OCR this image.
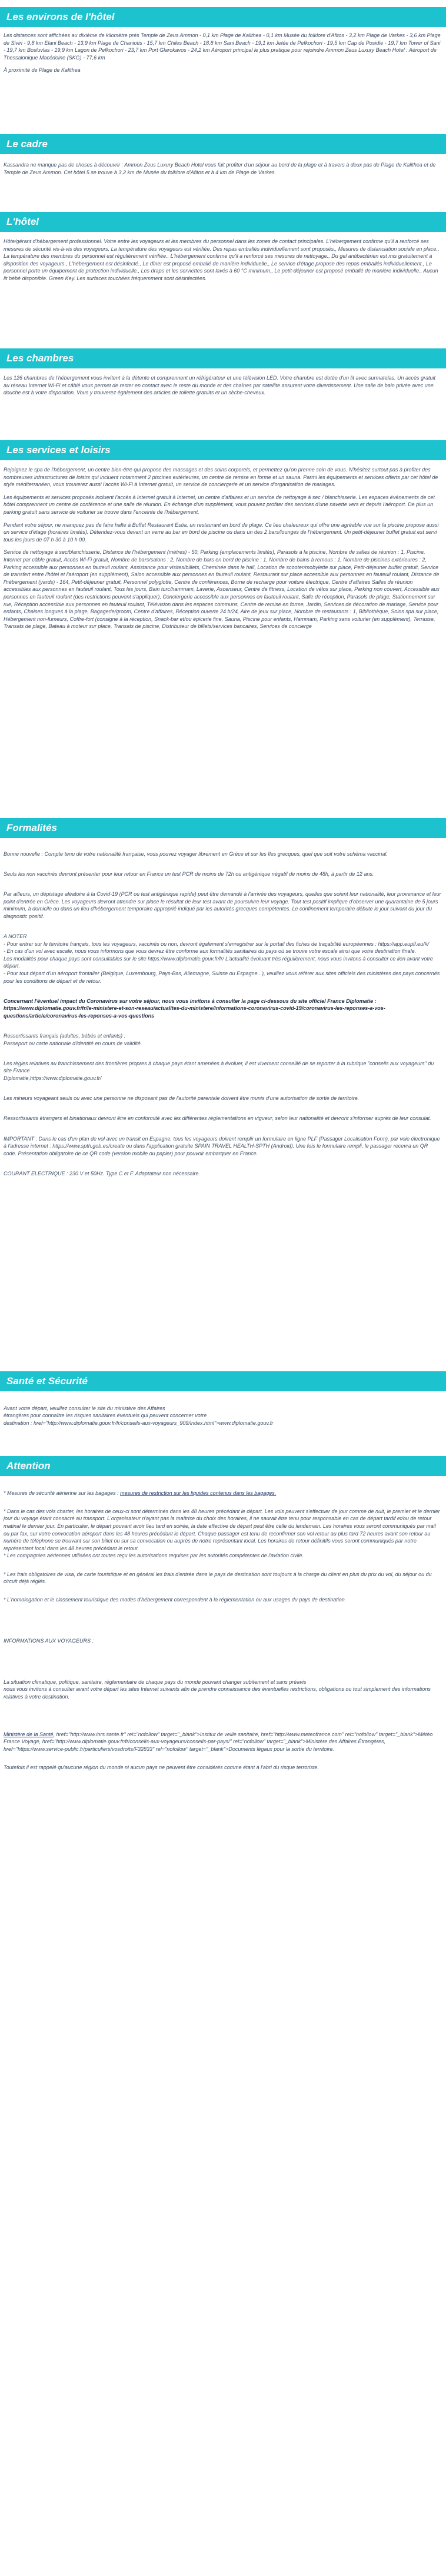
Les environs de l'hôtel

Les distances sont affichées au dixième de kilomètre près Temple de Zeus Ammon - 0,1 km Plage de Kalithea - 0,1 km Musée du folklore d'Afitos - 3,2 km Plage de Varkes - 3,6 km Plage de Siviri - 9,8 km Elani Beach - 13,9 km Plage de Chaniotis - 15,7 km Chiles Beach - 18,8 km Sani Beach - 19,1 km Jetée de Pefkochori - 19,5 km Cap de Posidie - 19,7 km Tower of Sani - 19,7 km Bosluvlas - 19,9 km Lagon de Pefkochori - 23,7 km Port Glarokavos - 24,2 km Aéroport principal le plus pratique pour rejoindre Ammon Zeus Luxury Beach Hotel : Aéroport de Thessalonique Macédoine (SKG) - 77,6 km

À proximité de Plage de Kalithea

Le cadre

Kassandra ne manque pas de choses à découvrir : Ammon Zeus Luxury Beach Hotel vous fait profiter d'un séjour au bord de la plage et à travers à deux pas de Plage de Kalithea et de Temple de Zeus Ammon. Cet hôtel 5 se trouve à 3,2 km de Musée du folklore d'Afitos et à 4 km de Plage de Varkes.

L'hôtel

Hôte/gérant d'hébergement professionnel. Votre entre les voyageurs et les membres du personnel dans les zones de contact principales. L'hébergement confirme qu'il a renforcé ses mesures de sécurité vis-à-vis des voyageurs. La température des voyageurs est vérifiée. Des repas emballés individuellement sont proposés., Mesures de distanciation sociale en place., La température des membres du personnel est régulièrement vérifiée., L'hébergement confirme qu'il a renforcé ses mesures de nettoyage., Du gel antibactérien est mis gratuitement à disposition des voyageurs., L'hébergement est désinfecté., Le dîner est proposé emballé de manière individuelle., Le service d'étage propose des repas emballés individuellement., Le personnel porte un équipement de protection individuelle., Les draps et les serviettes sont lavés à 60 °C minimum., Le petit-déjeuner est proposé emballé de manière individuelle., Aucun lit bébé disponible. Green Key. Les surfaces touchées fréquemment sont désinfectées.

Les chambres

Les 126 chambres de l'hébergement vous invitent à la détente et comprennent un réfrigérateur et une télévision LED. Votre chambre est dotée d'un lit avec surmatelas. Un accès gratuit au réseau Internet Wi-Fi et câblé vous permet de rester en contact avec le reste du monde et des chaînes par satellite assurent votre divertissement. Une salle de bain privée avec une douche est à votre disposition. Vous y trouverez également des articles de toilette gratuits et un sèche-cheveux.

Les services et loisirs

Rejoignez le spa de l'hébergement, un centre bien-être qui propose des massages et des soins corporels, et permettez qu'on prenne soin de vous. N'hésitez surtout pas à profiter des nombreuses infrastructures de loisirs qui incluent notamment 2 piscines extérieures, un centre de remise en forme et un sauna. Parmi les équipements et services offerts par cet hôtel de style méditerranéen, vous trouverez aussi l'accès Wi-Fi à Internet gratuit, un service de conciergerie et un service d'organisation de mariages.

Les équipements et services proposés incluent l'accès à Internet gratuit à Internet, un centre d'affaires et un service de nettoyage à sec / blanchisserie. Les espaces événements de cet hôtel comprennent un centre de conférence et une salle de réunion. En échange d'un supplément, vous pouvez profiter des services d'une navette vers et depuis l'aéroport. De plus un parking gratuit sans service de voiturier se trouve dans l'enceinte de l'hébergement.

Pendant votre séjour, ne manquez pas de faire halte à Buffet Restaurant Estia, un restaurant en bord de plage. Ce lieu chaleureux qui offre une agréable vue sur la piscine propose aussi un service d'étage (horaires limités). Détendez-vous devant un verre au bar en bord de piscine ou dans un des 2 bars/lounges de l'hébergement. Un petit-déjeuner buffet gratuit est servi tous les jours de 07 h 30 à 10 h 00.

Service de nettoyage à sec/blanchisserie, Distance de l'hébergement (mètres) - 50, Parking (emplacements limités), Parasols à la piscine, Nombre de salles de réunion : 1, Piscine, Internet par câble gratuit, Accès Wi-Fi gratuit, Nombre de bars/salons : 2, Nombre de bars en bord de piscine : 1, Nombre de bains à remous : 1, Nombre de piscines extérieures : 2, Parking accessible aux personnes en fauteuil roulant, Assistance pour visites/billets, Cheminée dans le hall, Location de scooter/mobylette sur place, Petit-déjeuner buffet gratuit, Service de transfert entre l'hôtel et l'aéroport (en supplément), Salon accessible aux personnes en fauteuil roulant, Restaurant sur place accessible aux personnes en fauteuil roulant, Distance de l'hébergement (yards) - 164, Petit-déjeuner gratuit, Personnel polyglotte, Centre de conférences, Borne de recharge pour voiture électrique, Centre d'affaires Salles de réunion accessibles aux personnes en fauteuil roulant, Tous les jours, Bain turc/hammam, Laverie, Ascenseur, Centre de fitness, Location de vélos sur place, Parking non couvert, Accessible aux personnes en fauteuil roulant (des restrictions peuvent s'appliquer), Conciergerie accessible aux personnes en fauteuil roulant, Salle de réception, Parasols de plage, Stationnement sur rue, Réception accessible aux personnes en fauteuil roulant, Télévision dans les espaces communs, Centre de remise en forme, Jardin, Services de décoration de mariage, Service pour enfants, Chaises longues à la plage, Bagagerie/groom, Centre d'affaires, Réception ouverte 24 h/24, Aire de jeux sur place, Nombre de restaurants : 1, Bibliothèque, Soins spa sur place, Hébergement non-fumeurs, Coffre-fort (consigne à la réception, Snack-bar et/ou épicerie fine, Sauna, Piscine pour enfants, Hammam, Parking sans voiturier (en supplément), Terrasse, Transats de plage, Bateau à moteur sur place, Transats de piscine, Distributeur de billets/services bancaires, Services de concierge

Formalités

Bonne nouvelle : Compte tenu de votre nationalité française, vous pouvez voyager librement en Grèce et sur les îles grecques, quel que soit votre schéma vaccinal.

Seuls les non vaccinés devront présenter pour leur retour en France un test PCR de moins de 72h ou antigénique négatif de moins de 48h, à partir de 12 ans.

Par ailleurs, un dépistage aléatoire à la Covid-19 (PCR ou test antigénique rapide) peut être demandé à l'arrivée des voyageurs, quelles que soient leur nationalité, leur provenance et leur point d'entrée en Grèce. Les voyageurs devront attendre sur place le résultat de leur test avant de poursuivre leur voyage. Tout test positif implique d'observer une quarantaine de 5 jours minimum, à domicile ou dans un lieu d'hébergement temporaire approprié indiqué par les autorités grecques compétentes. Le confinement temporaire débute le jour suivant du jour du diagnostic positif.

A NOTER
- Pour entrer sur le territoire français, tous les voyageurs, vaccinés ou non, devront également s'enregistrer sur le portail des fiches de traçabilité européennes : https://app.euplf.eu/#/
- En cas d'un vol avec escale, nous vous informons que vous devrez être conforme aux formalités sanitaires du pays où se trouve votre escale ainsi que votre destination finale.
Les modalités pour chaque pays sont consultables sur le site https://www.diplomatie.gouv.fr/fr/ L'actualité évoluant très régulièrement, nous vous invitons à consulter ce lien avant votre départ.
- Pour tout départ d'un aéroport frontalier (Belgique, Luxembourg, Pays-Bas, Allemagne, Suisse ou Espagne...), veuillez vous référer aux sites officiels des ministères des pays concernés pour les conditions de départ et de retour.

Concernant l'éventuel impact du Coronavirus sur votre séjour, nous vous invitons à consulter la page ci-dessous du site officiel France Diplomatie : https://www.diplomatie.gouv.fr/fr/le-ministere-et-son-reseau/actualites-du-ministere/informations-coronavirus-covid-19/coronavirus-les-reponses-a-vos-questions/article/coronavirus-les-reponses-a-vos-questions

Ressortissants français (adultes, bébés et enfants) :
Passeport ou carte nationale d'identité en cours de validité.

Les règles relatives au franchissement des frontières propres à chaque pays étant amenées à évoluer, il est vivement conseillé de se reporter à la rubrique "conseils aux voyageurs" du site France
Diplomatie,https://www.diplomatie.gouv.fr/

Les mineurs voyageant seuls ou avec une personne ne disposant pas de l'autorité parentale doivent être munis d'une autorisation de sortie de territoire.

Ressortissants étrangers et binationaux devront être en conformité avec les différentes réglementations en vigueur, selon leur nationalité et devront s'informer auprès de leur consulat.

IMPORTANT : Dans le cas d'un plan de vol avec un transit en Espagne, tous les voyageurs doivent remplir un formulaire en ligne PLF (Passager Localisation Form), par voie électronique à l'adresse internet : https://www.spth.gob.es/create ou dans l'application gratuite SPAIN TRAVEL HEALTH-SPTH (Android). Une fois le formulaire rempli, le passager recevra un QR code. Présentation obligatoire de ce QR code (version mobile ou papier) pour pouvoir embarquer en France.

COURANT ELECTRIQUE : 230 V et 50Hz. Type C et F. Adaptateur non nécessaire.

Santé et Sécurité

Avant votre départ, veuillez consulter le site du ministère des Affaires
étrangères pour connaître les risques sanitaires éventuels qui peuvent concerner votre
destination : href="http://www.diplomatie.gouv.fr/fr/conseils-aux-voyageurs_909/index.html">www.diplomatie.gouv.fr

Attention

* Mesures de sécurité aérienne sur les bagages : mesures de restriction sur les liquides contenus dans les bagages.

* Dans le cas des vols charter, les horaires de ceux-ci sont déterminés dans les 48 heures précédant le départ. Les vols peuvent s'effectuer de jour comme de nuit, le premier et le dernier jour du voyage étant consacré au transport. L'organisateur n'ayant pas la maîtrise du choix des horaires, il ne saurait être tenu pour responsable en cas de départ tardif et/ou de retour matinal le dernier jour. En particulier, le départ pouvant avoir lieu tard en soirée, la date effective de départ peut être celle du lendemain. Les horaires vous seront communiqués par mail ou par fax, sur votre convocation aéroport dans les 48 heures précédant le départ. Chaque passager est tenu de reconfirmer son vol retour au plus tard 72 heures avant son retour au numéro de téléphone se trouvant sur son billet ou sur sa convocation ou auprès de notre représentant local. Les horaires de retour définitifs vous seront communiqués par notre représentant local dans les 48 heures précédant le retour.
* Les compagnies aériennes utilisées ont toutes reçu les autorisations requises par les autorités compétentes de l'aviation civile.

* Les frais obligatoires de visa, de carte touristique et en général les frais d'entrée dans le pays de destination sont toujours à la charge du client en plus du prix du vol, du séjour ou du circuit déjà réglés.

* L'homologation et le classement touristique des modes d'hébergement correspondent à la réglementation ou aux usages du pays de destination.

INFORMATIONS AUX VOYAGEURS :

La situation climatique, politique, sanitaire, réglementaire de chaque pays du monde pouvant changer subitement et sans préavis
nous vous invitons à consulter avant votre départ les sites Internet suivants afin de prendre connaissance des éventuelles restrictions, obligations ou tout simplement des informations relatives à votre destination.

Ministère de la Santé, href="http://www.inrs.sante.fr" rel="nofollow" target="_blank">Institut de veille sanitaire, href="http://www.meteofrance.com" rel="nofollow" target="_blank">Météo France Voyage, href="http://www.diplomatie.gouv.fr/fr/conseils-aux-voyageurs/conseils-par-pays/" rel="nofollow" target="_blank">Ministère des Affaires Étrangères, href="https://www.service-public.fr/particuliers/vosdroits/F32833" rel="nofollow" target="_blank">Documents légaux pour la sortie du territoire.

Toutefois il est rappelé qu'aucune région du monde ni aucun pays ne peuvent être considérés comme étant à l'abri du risque terroriste.
